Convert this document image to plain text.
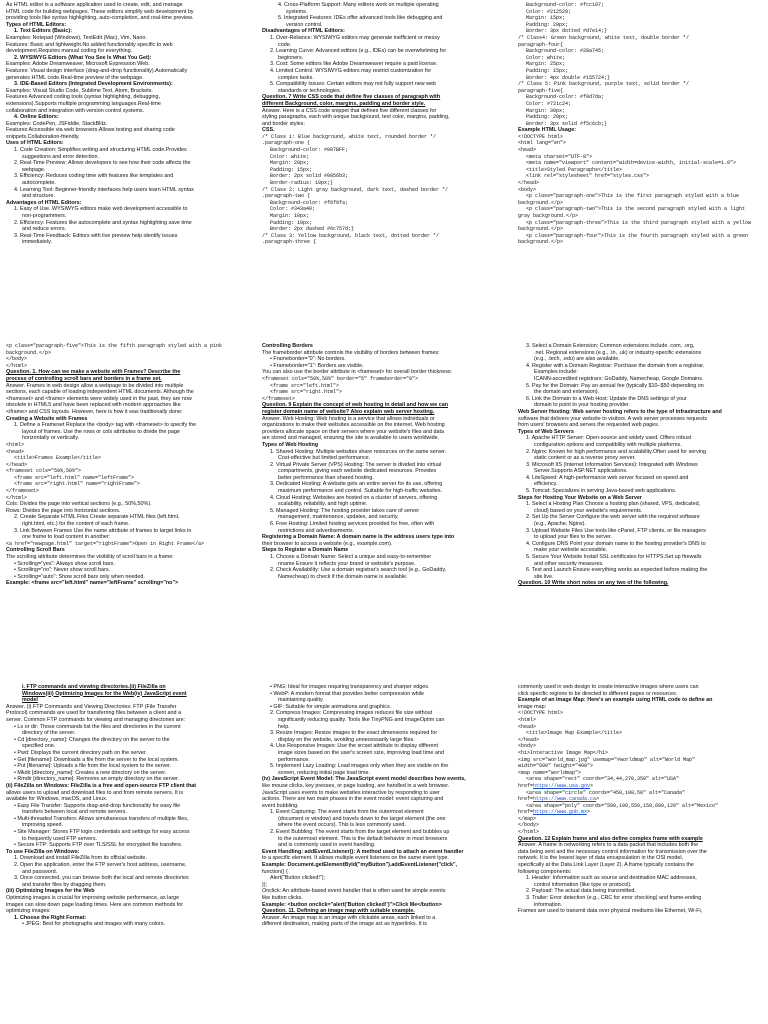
As HTML editor is a software application used to create, edit, and manage
HTML code for building webpages. These editors simplify web development by
providing tools like syntax highlighting, auto-completion, and real-time preview.
Types of HTML Editors:
1. Text Editors (Basic):
Examples: Notepad (Windows), TextEdit (Mac), Vim, Nano.
Features: Basic and lightweight.No added functionality specific to web
development.Requires manual coding for everything.
2. WYSIWYG Editors (What You See Is What You Get):
Examples: Adobe Dreamweaver, Microsoft Expression Web.
Features: Visual design interface (drag-and-drop functionality).Automatically
generates HTML code.Real-time preview of the webpage.
3. IDE-Based Editors (Integrated Development Environments):
Examples: Visual Studio Code, Sublime Text, Atom, Brackets.
Features Advanced coding tools (syntax highlighting, debugging,
extensions).Supports multiple programming languages.Real-time
collaboration and integration with version control systems.
4. Online Editors:
Examples: CodePen, JSFiddle, StackBlitz.
Features Accessible via web browsers.Allows testing and sharing code
snippets.Collaboration-friendly.
Uses of HTML Editors:
1. Code Creation: Simplifies writing and structuring HTML code.Provides
suggestions and error detection.
2. Real-Time Preview: Allows developers to see how their code affects the
webpage.
3. Efficiency: Reduces coding time with features like templates and
autocomplete.
4. Learning Tool: Beginner-friendly interfaces help users learn HTML syntax
and structure.
Advantages of HTML Editors:
1. Easy of Use. WYSIWYG editors make web development accessible to
non-programmers.
2. Efficiency: Features like autocomplete and syntax highlighting save time
and reduce errors.
3. Real-Time Feedback: Editors with live preview help identify issues
immediately.
4. Cross-Platform Support: Many editors work on multiple operating
systems.
5. Integrated Features: IDEs offer advanced tools like debugging and
version control.
Disadvantages of HTML Editors:
1. Over-Reliance: WYSIWYG editors may generate inefficient or messy
code.
2. Learning Curve: Advanced editors (e.g., IDEs) can be overwhelming for
beginners.
3. Cost: Some editors like Adobe Dreamweaver require a paid license.
4. Limited Control: WYSIWYG editors may restrict customization for
complex tasks.
5. Compatibility Issues: Certain editors may not fully support new web
standards or technologies.
Question. 7 Write CSS code that define five classes of paragraph with
different Background, color, margins, padding and border style.
Answer. Here is a CSS code snippet that defines five different classes for
styling paragraphs, each with unique background, text color, margins, padding,
and border styles:
CSS.
/* Class 1: Blue background, white text, rounded border */
.paragraph-one {
Background-color: #007BFF;
Color: white;
Margin: 20px;
Padding: 15px;
Border: 2px solid #0056b3;
Border-radius: 10px;}
/* Class 2: Light gray background, dark text, dashed border */
.paragraph-two {
Background-color: #f8f9fa;
Color: #343a40;
Margin: 10px;
Padding: 10px;
Border: 2px dashed #6c757d;}
/* Class 3: Yellow background, black text, dotted border */
.paragraph-three {
Background-color: #fcc107;
Color: #212529;
Margin: 15px;
Padding: 20px;
Border: 3px dotted #d7e14;}
/* Class4: Green background, white text, double border */
paragraph-four{
Background-color: #28a745;
Color: white;
Margin: 25px;
Padding: 15px;
Border: 4px double #155724;}
/* Class 5: Pink background, purple text, solid border */
paragraph-five{
Background-color: #f8d7da;
Color: #721c24;
Margin: 30px;
Padding: 20px;
Border: 3px solid #f5c6cb;}
Example HTML Usage:
<!DOCTYPE html>
<html lang="en">
<head>
<meta charset="UTF-8">
<meta name="viewport" content="width=device-width, initial-scale=1.0">
<title>Styled Paragraphs</title>
<link rel="stylesheet" href="styles.css">
</head>
<body>
<p class="paragraph-one">This is the first paragraph styled with a blue
background.</p>
<p class="paragraph-two">This is the second paragraph styled with a light
gray background.</p>
<p class="paragraph-three">This is the third paragraph styled with a yellow
background.</p>
<p class="paragraph-four">This is the fourth paragraph styled with a green
background.</p>
<p class="paragraph-five">This is the fifth paragraph styled with a pink
background.</p>
</body>
</html>
Question. 1. How can we make a website with Frames? Describe the
process of controlling scroll bars and borders in a frame set.
Answer. Frames in web design allow a webpage to be divided into multiple
sections, each capable of loading independent HTML documents. Although the
<frameset> and <frame> elements were widely used in the past, they are now
obsolete in HTML5 and have been replaced with modern approaches like
<iframe> and CSS layouts. However, here is how it was traditionally done:
Creating a Website with Frames
1. Define a Frameset Replace the <body> tag with <frameset> to specify the
layout of frames. Use the rows or cols attributes to divide the page
horizontally or vertically.
<html>
<head>
<title>Frames Example</title>
</head>
<frameset cols="50%,50%">
<frame src="left.html" name="leftFrame">
<frame src="right.html" name="rightFrame">
</frameset>
</html>
Cols: Divides the page into vertical sections (e.g., 50%,50%).
Rows: Divides the page into horizontal sections.
2. Create Separate HTML Files Create separate HTML files (left.html,
right.html, etc.) for the content of each frame.
3. Link Between Frames Use the name attribute of frames to target links in
one frame to load content in another:
<a href="newpage.html" target="rightFrame">Open in Right Frame</a>
Controlling Scroll Bars
The scrolling attribute determines the visibility of scroll bars in a frame:
• Scrolling="yes": Always show scroll bars.
• Scrolling="no": Never show scroll bars.
• Scrolling="auto": Show scroll bars only when needed.
Example: <frame src="left.html" name="leftFrame" scrolling="no">
Controlling Borders
The frameborder attribute controls the visibility of borders between frames:
• Frameborder="0": No borders.
• Frameborder="1": Borders are visible.
You can also use the border attribute in <frameset> for overall border thickness:
<frameset cols="50%,50%" border="5" frameborder="0">
<frame src="left.html">
<frame src="right.html">
</frameset>
Question. 9 Explain the concept of web hosting in detail and how we can
register domain name of website? Also explain web server hosting.
Answer. Web Hosting: Web hosting is a service that allows individuals or
organizations to make their websites accessible on the internet. Web hosting
providers allocate space on their servers where your website's files and data
are stored and managed, ensuring the site is available to users worldwide.
Types of Web Hosting
1. Shared Hosting: Multiple websites share resources on the same server.
Cost-effective but limited performance.
2. Virtual Private Server (VPS) Hosting: The server is divided into virtual
compartments, giving each website dedicated resources. Provides
better performance than shared hosting.
3. Dedicated Hosting: A website gets an entire server for its use, offering
maximum performance and control. Suitable for high-traffic websites.
4. Cloud Hosting: Websites are hosted on a cluster of servers, offering
scalability, reliability, and high uptime.
5. Managed Hosting: The hosting provider takes care of server
management, maintenance, updates, and security.
6. Free Hosting: Limited hosting services provided for free, often with
restrictions and advertisements.
Registering a Domain Name: A domain name is the address users type into
their browser to access a website (e.g., example.com).
Steps to Register a Domain Name
1. Choose a Domain Name: Select a unique and easy-to-remember
nname Ensure it reflects your brand or website's purpose.
2. Check Availability: Use a domain registrar's search tool (e.g., GoDaddy,
Namecheap) to check if the domain name is available.
3. Select a Domain Extension: Common extensions include .com, .org,
.net. Regional extensions (e.g., .in, .uk) or industry-specific extensions
(e.g., .tech, .edu) are also available.
4. Register with a Domain Registrar: Purchase the domain from a registrar.
Examples include:
ICANN-accredited registrars: GoDaddy, Namecheap, Google Domains.
5. Pay for the Domain: Pay an annual fee (typically $10–$50 depending on
the domain and extension).
6. Link the Domain to a Web Host: Update the DNS settings of your
domain to point to your hosting provider.
Web Server Hosting: Web server hosting refers to the type of infrastructure and
software that delivers your website to visitors. A web server processes requests
from users' browsers and serves the requested web pages.
Types of Web Servers
1. Apache HTTP Server: Open-source and widely used. Offers robust
configuration options and compatibility with multiple platforms.
2. Nginx: Known for high performance and scalability.Often used for serving
static content or as a reverse proxy server.
3. Microsoft IIS (Internet Information Services): Integrated with Windows
Server.Supports ASP.NET applications.
4. LiteSpeed: A high-performance web server focused on speed and
efficiency.
5. Tomcat: Specializes in serving Java-based web applications.
Steps for Hosting Your Website on a Web Server
1. Select a Hosting Plan Choose a hosting plan (shared, VPS, dedicated,
cloud) based on your website's requirements.
2. Set Up the Server Configure the web server with the required software
(e.g., Apache, Nginx).
3. Upload Website Files Use tools like cPanel, FTP clients, or file managers
to upload your files to the server.
4. Configure DNS Point your domain name to the hosting provider's DNS to
make your website accessible.
5. Secure Your Website Install SSL certificates for HTTPS.Set up firewalls
and other security measures.
6. Test and Launch Ensure everything works as expected before making the
site live.
Question. 10 Write short notes on any two of the following.
i. FTP commands and viewing directories.(ii) FileZilla on
Windows(iii) Optimizing Images for the Web(iv) JavaScript event
model
Answer. (i) FTP Commands and Viewing Directories: FTP (File Transfer
Protocol) commands are used for transferring files between a client and a
server. Common FTP commands for viewing and managing directories are:
• Ls or dir: Those commands list the files and directories in the current
directory of the server.
• Cd [directory_name]: Changes the directory on the server to the
specified one.
• Pwd: Displays the current directory path on the server.
• Get [filename]: Downloads a file from the server to the local system.
• Put [filename]: Uploads a file from the local system to the server.
• Mkdir [directory_name]: Creates a new directory on the server.
• Rmdir [directory_name]: Removes an empty directory on the server.
(ii) FileZilla on Windows: FileZilla is a free and open-source FTP client that
allows users to upload and download files to and from remote servers. It is
available for Windows, macOS, and Linux.
• Easy File Transfer: Supports drag-and-drop functionality for easy file
transfers between local and remote servers.
• Multi-threaded Transfers: Allows simultaneous transfers of multiple files,
improving speed.
• Site Manager: Stores FTP login credentials and settings for easy access
to frequently used FTP servers.
• Secure FTP: Supports FTP over TLS/SSL for encrypted file transfers.
To use FileZilla on Windows:
1. Download and install FileZilla from its official website.
2. Open the application, enter the FTP server's host address, username,
and password.
3. Once connected, you can browse both the local and remote directories
and transfer files by dragging them.
(iii) Optimizing Images for the Web
Optimizing images is crucial for improving website performance, as large
images can slow down page loading times. Here are common methods for
optimizing images:
1. Choose the Right Format:
• JPEG: Best for photographs and images with many colors.
• PNG: Ideal for images requiring transparency and sharper edges.
• WebP: A modern format that provides better compression while
maintaining quality.
• GIF: Suitable for simple animations and graphics.
2. Compress Images: Compressing images reduces file size without
significantly reducing quality. Tools like TinyPNG and ImageOptim can
help.
3. Resize Images: Resize images to the exact dimensions required for
display on the website, avoiding unnecessarily large files.
4. Use Responsive Images: Use the srcset attribute to display different
image sizes based on the user's screen size, improving load time and
performance.
5. Implement Lazy Loading: Load images only when they are visible on the
screen, reducing initial page load time.
(iv) JavaScript Event Model: The JavaScript event model describes how events,
like mouse clicks, key presses, or page loading, are handled in a web browser.
JavaScript uses events to make websites interactive by responding to user
actions. There are two main phases in the event model: event capturing and
event bubbling.
1. Event Capturing: The event starts from the outermost element
(document or window) and travels down to the target element (the one
where the event occurs). This is less commonly used.
2. Event Bubbling: The event starts from the target element and bubbles up
to the outermost element. This is the default behavior in most browsers
and is commonly used in event handling.
Event Handling: addEventListener(): A method used to attach an event handler
to a specific element. It allows multiple event listeners on the same event type.
Example: Document.getElementById("myButton").addEventListener("click",
function() {
Alert("Button clicked!");
});
Onclick: An attribute-based event handler that is often used for simple events
like button clicks.
Example: <button onclick="alert('Button clicked!')">Click Me</button>
Question. 11. Defining an image map with suitable example.
Answer. An image map is an image with clickable areas, each linked to a
different destination, making parts of the image act as hyperlinks. It is
commonly used in web design to create interactive images where users can
click specific regions to be directed to different pages or resources.
Example of an Image Map: Here's an example using HTML code to define an
image map:
<!DOCTYPE html>
<html>
<head>
<title>Image Map Example</title>
</head>
<body>
<h1>Interactive Image Map</h1>
<img src="world_map.jpg" usemap="#worldmap" alt="World Map"
width="600" height="400">
<map name="worldmap">
<area shape="rect" coords="34,44,270,350" alt="USA"
href=https://www.usa.gov>
<area shape="circle" coords="450,100,50" alt="Canada"
href=https://www.canada.ca>
<area shape="poly" coords="500,100,550,150,600,120" alt="Mexico"
href=https://www.gob.mx>
</map>
</body>
</html>
Question. 12 Explain frame and also define complex frame with example
Answer. A frame in networking refers to a data packet that includes both the
data being sent and the necessary control information for transmission over the
network. It is the lowest layer of data encapsulation in the OSI model,
specifically at the Data Link Layer (Layer 2). A frame typically contains the
following components:
1. Header: Information such as source and destination MAC addresses,
control information (like type or protocol).
2. Payload: The actual data being transmitted.
3. Trailer: Error detection (e.g., CRC for error checking) and frame-ending
information.
Frames are used to transmit data over physical mediums like Ethernet, Wi-Fi,
